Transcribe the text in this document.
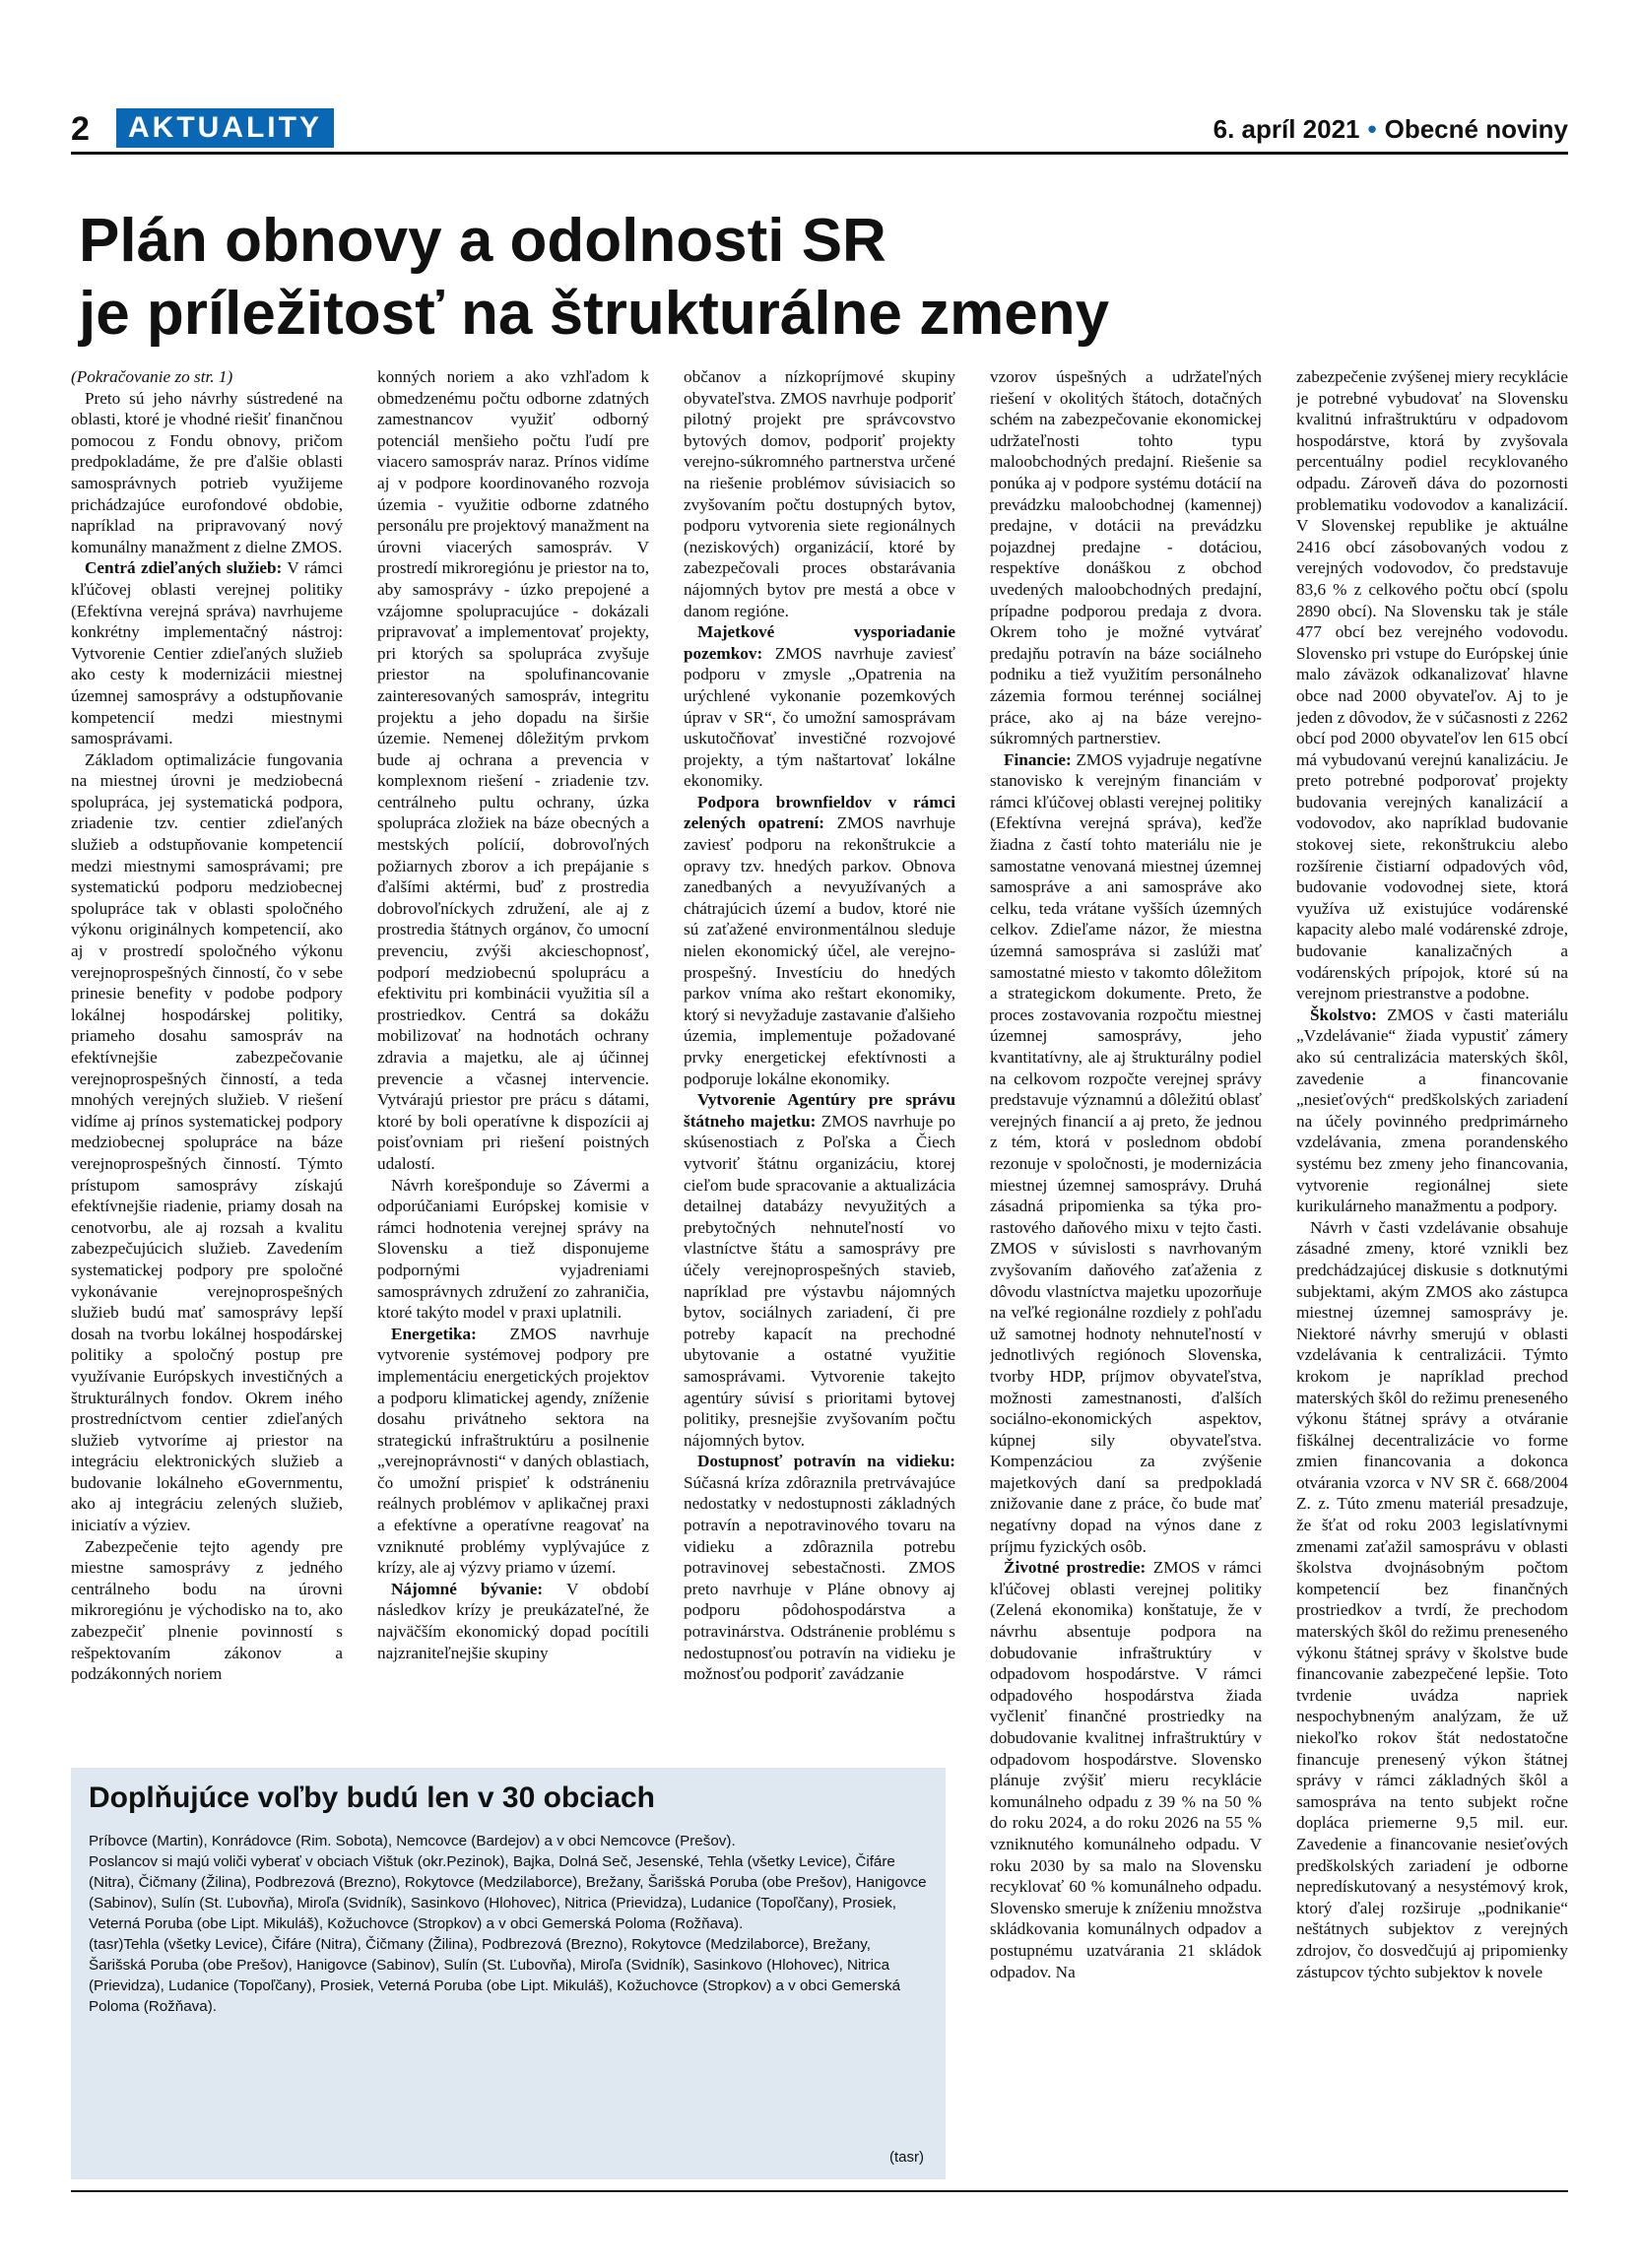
2	AKTUALITY	6. apríl 2021 • Obecné noviny
Plán obnovy a odolnosti SR
je príležitosť na štrukturálne zmeny

(Pokračovanie zo str. 1)

Preto sú jeho návrhy sústredené na oblasti, ktoré je vhodné riešiť finančnou pomocou z Fondu obnovy, pričom predpokladáme, že pre ďalšie oblasti samosprávnych potrieb využijeme prichádzajúce eurofondové obdobie, napríklad na pripravovaný nový komunálny manažment z dielne ZMOS.

Centrá zdieľaných služieb: V rámci kľúčovej oblasti verejnej politiky (Efektívna verejná správa) navrhujeme konkrétny implementačný nástroj: Vytvorenie Centier zdieľaných služieb ako cesty k modernizácii miestnej územnej samosprávy a odstupňovanie kompetencií medzi miestnymi samosprávami.

Základom optimalizácie fungovania na miestnej úrovni je medziobecná spolupráca, jej systematická podpora, zriadenie tzv. centier zdieľaných služieb a odstupňovanie kompetencií medzi miestnymi samosprávami; pre systematickú podporu medziobecnej spolupráce tak v oblasti spoločného výkonu originálnych kompetencií, ako aj v prostredí spoločného výkonu verejnoprospešných činností, čo v sebe prinesie benefity v podobe podpory lokálnej hospodárskej politiky, priameho dosahu samospráv na efektívnejšie zabezpečovanie verejnoprospešných činností, a teda mnohých verejných služieb. V riešení vidíme aj prínos systematickej podpory medziobecnej spolupráce na báze verejnoprospešných činností. Týmto prístupom samosprávy získajú efektívnejšie riadenie, priamy dosah na cenotvorbu, ale aj rozsah a kvalitu zabezpečujúcich služieb. Zavedením systematickej podpory pre spoločné vykonávanie verejnoprospešných služieb budú mať samosprávy lepší dosah na tvorbu lokálnej hospodárskej politiky a spoločný postup pre využívanie Európskych investičných a štrukturálnych fondov. Okrem iného prostredníctvom centier zdieľaných služieb vytvoríme aj priestor na integráciu elektronických služieb a budovanie lokálneho eGovernmentu, ako aj integráciu zelených služieb, iniciatív a výziev.

Zabezpečenie tejto agendy pre miestne samosprávy z jedného centrálneho bodu na úrovni mikroregiónu je východisko na to, ako zabezpečiť plnenie povinností s rešpektovaním zákonov a podzákonných noriem

konných noriem a ako vzhľadom k obmedzenému počtu odborne zdatných zamestnancov využiť odborný potenciál menšieho počtu ľudí pre viacero samospráv naraz. Prínos vidíme aj v podpore koordinovaného rozvoja územia - využitie odborne zdatného personálu pre projektový manažment na úrovni viacerých samospráv. V prostredí mikroregiónu je priestor na to, aby samosprávy - úzko prepojené a vzájomne spolupracujúce - dokázali pripravovať a implementovať projekty, pri ktorých sa spolupráca zvyšuje priestor na spolufinancovanie zainteresovaných samospráv, integritu projektu a jeho dopadu na širšie územie. Nemenej dôležitým prvkom bude aj ochrana a prevencia v komplexnom riešení - zriadenie tzv. centrálneho pultu ochrany, úzka spolupráca zložiek na báze obecných a mestských polícií, dobrovoľných požiarnych zborov a ich prepájanie s ďalšími aktérmi, buď z prostredia dobrovoľníckych združení, ale aj z prostredia štátnych orgánov, čo umocní prevenciu, zvýši akcieschopnosť, podporí medziobecnú spoluprácu a efektivitu pri kombinácii využitia síl a prostriedkov. Centrá sa dokážu mobilizovať na hodnotách ochrany zdravia a majetku, ale aj účinnej prevencie a včasnej intervencie. Vytvárajú priestor pre prácu s dátami, ktoré by boli operatívne k dispozícii aj poisťovniam pri riešení poistných udalostí.

Návrh korešponduje so Závermi a odporúčaniami Európskej komisie v rámci hodnotenia verejnej správy na Slovensku a tiež disponujeme podpornými vyjadreniami samosprávnych združení zo zahraničia, ktoré takýto model v praxi uplatnili.

Energetika: ZMOS navrhuje vytvorenie systémovej podpory pre implementáciu energetických projektov a podporu klimatickej agendy, zníženie dosahu privátneho sektora na strategickú infraštruktúru a posilnenie „verejnoprávnosti“ v daných oblastiach, čo umožní prispieť k odstráneniu reálnych problémov v aplikačnej praxi a efektívne a operatívne reagovať na vzniknuté problémy vyplývajúce z krízy, ale aj výzvy priamo v území.

Nájomné bývanie: V období následkov krízy je preukázateľné, že najväčším ekonomický dopad pocítili najzraniteľnejšie skupiny

občanov a nízkopríjmové skupiny obyvateľstva. ZMOS navrhuje podporiť pilotný projekt pre správcovstvo bytových domov, podporiť projekty verejno-súkromného partnerstva určené na riešenie problémov súvisiacich so zvyšovaním počtu dostupných bytov, podporu vytvorenia siete regionálnych (neziskových) organizácií, ktoré by zabezpečovali proces obstarávania nájomných bytov pre mestá a obce v danom regióne.

Majetkové vysporiadanie pozemkov: ZMOS navrhuje zaviesť podporu v zmysle „Opatrenia na urýchlené vykonanie pozemkových úprav v SR“, čo umožní samosprávam uskutočňovať investičné rozvojové projekty, a tým naštartovať lokálne ekonomiky.

Podpora brownfieldov v rámci zelených opatrení: ZMOS navrhuje zaviesť podporu na rekonštrukcie a opravy tzv. hnedých parkov. Obnova zanedbaných a nevyužívaných a chátrajúcich území a budov, ktoré nie sú zaťažené environmentálnou sleduje nielen ekonomický účel, ale verejno-prospešný. Investíciu do hnedých parkov vníma ako reštart ekonomiky, ktorý si nevyžaduje zastavanie ďalšieho územia, implementuje požadované prvky energetickej efektívnosti a podporuje lokálne ekonomiky.

Vytvorenie Agentúry pre správu štátneho majetku: ZMOS navrhuje po skúsenostiach z Poľska a Čiech vytvoriť štátnu organizáciu, ktorej cieľom bude spracovanie a aktualizácia detailnej databázy nevyužitých a prebytočných nehnuteľností vo vlastníctve štátu a samosprávy pre účely verejnoprospešných stavieb, napríklad pre výstavbu nájomných bytov, sociálnych zariadení, či pre potreby kapacít na prechodné ubytovanie a ostatné využitie samosprávami. Vytvorenie takejto agentúry súvisí s prioritami bytovej politiky, presnejšie zvyšovaním počtu nájomných bytov.

Dostupnosť potravín na vidieku: Súčasná kríza zdôraznila pretrvávajúce nedostatky v nedostupnosti základných potravín a nepotravinového tovaru na vidieku a zdôraznila potrebu potravinovej sebestačnosti. ZMOS preto navrhuje v Pláne obnovy aj podporu pôdohospodárstva a potravinárstva. Odstránenie problému s nedostupnosťou potravín na vidieku je možnosťou podporiť zavádzanie

vzorov úspešných a udržateľných riešení v okolitých štátoch, dotačných schém na zabezpečovanie ekonomickej udržateľnosti tohto typu maloobchodných predajní. Riešenie sa ponúka aj v podpore systému dotácií na prevádzku maloobchodnej (kamennej) predajne, v dotácii na prevádzku pojazdnej predajne - dotáciou, respektíve donáškou z obchod uvedených maloobchodných predajní, prípadne podporou predaja z dvora. Okrem toho je možné vytvárať predajňu potravín na báze sociálneho podniku a tiež využitím personálneho zázemia formou terénnej sociálnej práce, ako aj na báze verejno-súkromných partnerstiev.

Financie: ZMOS vyjadruje negatívne stanovisko k verejným financiám v rámci kľúčovej oblasti verejnej politiky (Efektívna verejná správa), keďže žiadna z častí tohto materiálu nie je samostatne venovaná miestnej územnej samospráve a ani samospráve ako celku, teda vrátane vyšších územných celkov. Zdieľame názor, že miestna územná samospráva si zaslúži mať samostatné miesto v takomto dôležitom a strategickom dokumente. Preto, že proces zostavovania rozpočtu miestnej územnej samosprávy, jeho kvantitatívny, ale aj štrukturálny podiel na celkovom rozpočte verejnej správy predstavuje významnú a dôležitú oblasť verejných financií a aj preto, že jednou z tém, ktorá v poslednom období rezonuje v spoločnosti, je modernizácia miestnej územnej samosprávy. Druhá zásadná pripomienka sa týka pro-rastového daňového mixu v tejto časti. ZMOS v súvislosti s navrhovaným zvyšovaním daňového zaťaženia z dôvodu vlastníctva majetku upozorňuje na veľké regionálne rozdiely z pohľadu už samotnej hodnoty nehnuteľností v jednotlivých regiónoch Slovenska, tvorby HDP, príjmov obyvateľstva, možnosti zamestnanosti, ďalších sociálno-ekonomických aspektov, kúpnej sily obyvateľstva. Kompenzáciou za zvýšenie majetkových daní sa predpokladá znižovanie dane z práce, čo bude mať negatívny dopad na výnos dane z príjmu fyzických osôb.

Životné prostredie: ZMOS v rámci kľúčovej oblasti verejnej politiky (Zelená ekonomika) konštatuje, že v návrhu absentuje podpora na dobudovanie infraštruktúry v odpadovom hospodárstve. V rámci odpadového hospodárstva žiada vyčleniť finančné prostriedky na dobudovanie kvalitnej infraštruktúry v odpadovom hospodárstve. Slovensko plánuje zvýšiť mieru recyklácie komunálneho odpadu z 39 % na 50 % do roku 2024, a do roku 2026 na 55 % vzniknutého komunálneho odpadu. V roku 2030 by sa malo na Slovensku recyklovať 60 % komunálneho odpadu. Slovensko smeruje k zníženiu množstva skládkovania komunálnych odpadov a postupnému uzatvárania 21 skládok odpadov. Na

zabezpečenie zvýšenej miery recyklácie je potrebné vybudovať na Slovensku kvalitnú infraštruktúru v odpadovom hospodárstve, ktorá by zvyšovala percentuálny podiel recyklovaného odpadu. Zároveň dáva do pozornosti problematiku vodovodov a kanalizácií. V Slovenskej republike je aktuálne 2416 obcí zásobovaných vodou z verejných vodovodov, čo predstavuje 83,6 % z celkového počtu obcí (spolu 2890 obcí). Na Slovensku tak je stále 477 obcí bez verejného vodovodu. Slovensko pri vstupe do Európskej únie malo záväzok odkanalizovať hlavne obce nad 2000 obyvateľov. Aj to je jeden z dôvodov, že v súčasnosti z 2262 obcí pod 2000 obyvateľov len 615 obcí má vybudovanú verejnú kanalizáciu. Je preto potrebné podporovať projekty budovania verejných kanalizácií a vodovodov, ako napríklad budovanie stokovej siete, rekonštrukciu alebo rozšírenie čistiarní odpadových vôd, budovanie vodovodnej siete, ktorá využíva už existujúce vodárenské kapacity alebo malé vodárenské zdroje, budovanie kanalizačných a vodárenských prípojok, ktoré sú na verejnom priestranstve a podobne.

Školstvo: ZMOS v časti materiálu „Vzdelávanie“ žiada vypustiť zámery ako sú centralizácia materských škôl, zavedenie a financovanie „nesieťových“ predškolských zariadení na účely povinného predprimárneho vzdelávania, zmena porandenského systému bez zmeny jeho financovania, vytvorenie regionálnej siete kurikulárneho manažmentu a podpory.

Návrh v časti vzdelávanie obsahuje zásadné zmeny, ktoré vznikli bez predchádzajúcej diskusie s dotknutými subjektami, akým ZMOS ako zástupca miestnej územnej samosprávy je. Niektoré návrhy smerujú v oblasti vzdelávania k centralizácii. Týmto krokom je napríklad prechod materských škôl do režimu preneseného výkonu štátnej správy a otváranie fiškálnej decentralizácie vo forme zmien financovania a dokonca otvárania vzorca v NV SR č. 668/2004 Z. z. Túto zmenu materiál presadzuje, že šťat od roku 2003 legislatívnymi zmenami zaťažil samosprávu v oblasti školstva dvojnásobným počtom kompetencií bez finančných prostriedkov a tvrdí, že prechodom materských škôl do režimu preneseného výkonu štátnej správy v školstve bude financovanie zabezpečené lepšie. Toto tvrdenie uvádza napriek nespochybneným analýzam, že už niekoľko rokov štát nedostatočne financuje prenesený výkon štátnej správy v rámci základných škôl a samospráva na tento subjekt ročne dopláca priemerne 9,5 mil. eur. Zavedenie a financovanie nesieťových predškolských zariadení je odborne nepredískutovaný a nesystémový krok, ktorý ďalej rozširuje „podnikanie“ neštátnych subjektov z verejných zdrojov, čo dosvedčujú aj pripomienky zástupcov týchto subjektov k novele

Doplňujúce voľby budú len v 30 obciach

Príbovce (Martin), Konrádovce (Rim. Sobota), Nemcovce (Bardejov) a v obci Nemcovce (Prešov).

Poslancov si majú voliči vyberať v obciach Vištuk (okr.Pezinok), Bajka, Dolná Seč, Jesenské, Tehla (všetky Levice), Čifáre (Nitra), Čičmany (Žilina), Podbrezová (Brezno), Rokytovce (Medzilaborce), Brežany, Šarišská Poruba (obe Prešov), Hanigovce (Sabinov), Sulín (St. Ľubovňa), Miroľa (Svidník), Sasinkovo (Hlohovec), Nitrica (Prievidza), Ludanice (Topoľčany), Prosiek, Veterná Poruba (obe Lipt. Mikuláš), Kožuchovce (Stropkov) a v obci Gemerská Poloma (Rožňava).

(tasr)Tehla (všetky Levice), Čifáre (Nitra), Čičmany (Žilina), Podbrezová (Brezno), Rokytovce (Medzilaborce), Brežany, Šarišská Poruba (obe Prešov), Hanigovce (Sabinov), Sulín (St. Ľubovňa), Miroľa (Svidník), Sasinkovo (Hlohovec), Nitrica (Prievidza), Ludanice (Topoľčany), Prosiek, Veterná Poruba (obe Lipt. Mikuláš), Kožuchovce (Stropkov) a v obci Gemerská Poloma (Rožňava).

(tasr)
